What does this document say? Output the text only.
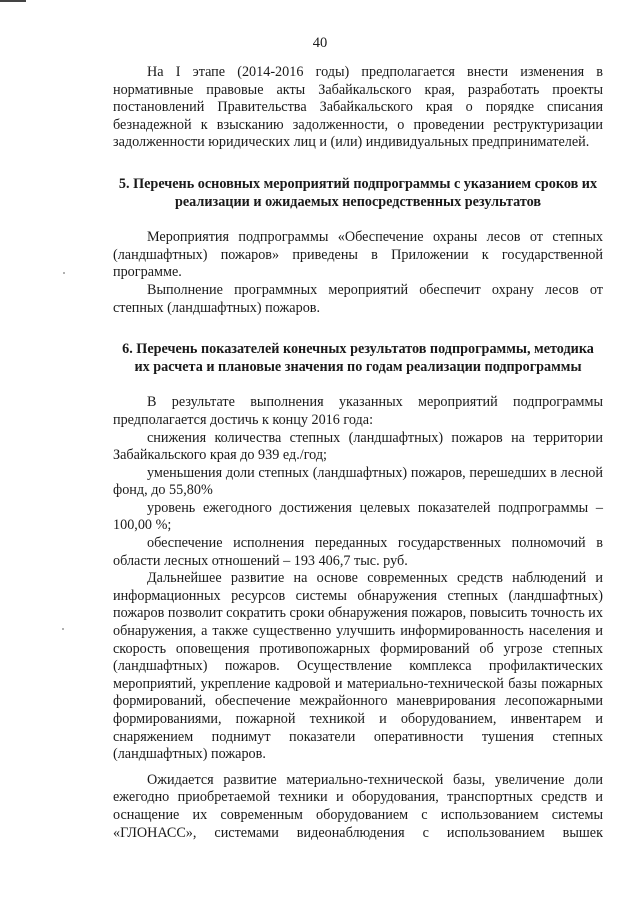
40

На I этапе (2014-2016 годы) предполагается внести изменения в нормативные правовые акты Забайкальского края, разработать проекты постановлений Правительства Забайкальского края о порядке списания безнадежной к взысканию задолженности, о проведении реструктуризации задолженности юридических лиц и (или) индивидуальных предпринимателей.

5. Перечень основных мероприятий подпрограммы с указанием сроков их реализации и ожидаемых непосредственных результатов

Мероприятия подпрограммы «Обеспечение охраны лесов от степных (ландшафтных) пожаров» приведены в Приложении к государственной программе.

Выполнение программных мероприятий обеспечит охрану лесов от степных (ландшафтных) пожаров.

6. Перечень показателей конечных результатов подпрограммы, методика их расчета и плановые значения по годам реализации подпрограммы

В результате выполнения указанных мероприятий подпрограммы предполагается достичь к концу 2016 года:

снижения количества степных (ландшафтных) пожаров на территории Забайкальского края до 939 ед./год;

уменьшения доли степных (ландшафтных) пожаров, перешедших в лесной фонд, до 55,80%

уровень ежегодного достижения целевых показателей подпрограммы – 100,00 %;

обеспечение исполнения переданных государственных полномочий в области лесных отношений – 193 406,7 тыс. руб.

Дальнейшее развитие на основе современных средств наблюдений и информационных ресурсов системы обнаружения степных (ландшафтных) пожаров позволит сократить сроки обнаружения пожаров, повысить точность их обнаружения, а также существенно улучшить информированность населения и скорость оповещения противопожарных формирований об угрозе степных (ландшафтных) пожаров. Осуществление комплекса профилактических мероприятий, укрепление кадровой и материально-технической базы пожарных формирований, обеспечение межрайонного маневрирования лесопожарными формированиями, пожарной техникой и оборудованием, инвентарем и снаряжением поднимут показатели оперативности тушения степных (ландшафтных) пожаров.

Ожидается развитие материально-технической базы, увеличение доли ежегодно приобретаемой техники и оборудования, транспортных средств и оснащение их современным оборудованием с использованием системы «ГЛОНАСС», системами видеонаблюдения с использованием вышек
